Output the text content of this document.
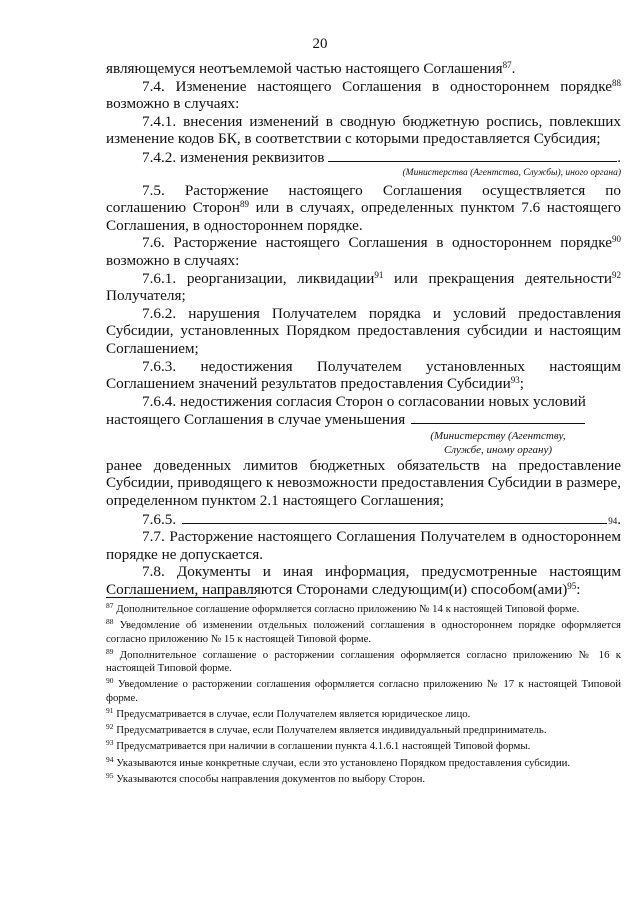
20

являющемуся неотъемлемой частью настоящего Соглашения$^{87}$.

7.4. Изменение настоящего Соглашения в одностороннем порядке$^{88}$ возможно в случаях:

7.4.1. внесения изменений в сводную бюджетную роспись, повлекших изменение кодов БК, в соответствии с которыми предоставляется Субсидия;

7.4.2. изменения реквизитов	.
(Министерства (Агентства, Службы), иного органа)

7.5. Расторжение настоящего Соглашения осуществляется по соглашению Сторон$^{89}$ или в случаях, определенных пунктом 7.6 настоящего Соглашения, в одностороннем порядке.

7.6. Расторжение настоящего Соглашения в одностороннем порядке$^{90}$ возможно в случаях:

7.6.1. реорганизации, ликвидации$^{91}$ или прекращения деятельности$^{92}$ Получателя;

7.6.2. нарушения Получателем порядка и условий предоставления Субсидии, установленных Порядком предоставления субсидии и настоящим Соглашением;

7.6.3. недостижения Получателем установленных настоящим Соглашением значений результатов предоставления Субсидии$^{93}$;

7.6.4. недостижения согласия Сторон о согласовании новых условий

настоящего Соглашения в случае уменьшения
(Министерству (Агентству,
Службе, иному органу)

ранее доведенных лимитов бюджетных обязательств на предоставление Субсидии, приводящего к невозможности предоставления Субсидии в размере, определенном пунктом 2.1 настоящего Соглашения;

7.6.5.	94 .

7.7. Расторжение настоящего Соглашения Получателем в одностороннем порядке не допускается.

7.8. Документы и иная информация, предусмотренные настоящим Соглашением, направляются Сторонами следующим(и) способом(ами)$^{95}$:

$^{87}$ Дополнительное соглашение оформляется согласно приложению № 14 к настоящей Типовой форме.

$^{88}$ Уведомление об изменении отдельных положений соглашения в одностороннем порядке оформляется согласно приложению № 15 к настоящей Типовой форме.

$^{89}$ Дополнительное соглашение о расторжении соглашения оформляется согласно приложению № 16 к настоящей Типовой форме.

$^{90}$ Уведомление о расторжении соглашения оформляется согласно приложению № 17 к настоящей Типовой форме.

$^{91}$ Предусматривается в случае, если Получателем является юридическое лицо.

$^{92}$ Предусматривается в случае, если Получателем является индивидуальный предприниматель.

$^{93}$ Предусматривается при наличии в соглашении пункта 4.1.6.1 настоящей Типовой формы.

$^{94}$ Указываются иные конкретные случаи, если это установлено Порядком предоставления субсидии.

$^{95}$ Указываются способы направления документов по выбору Сторон.
